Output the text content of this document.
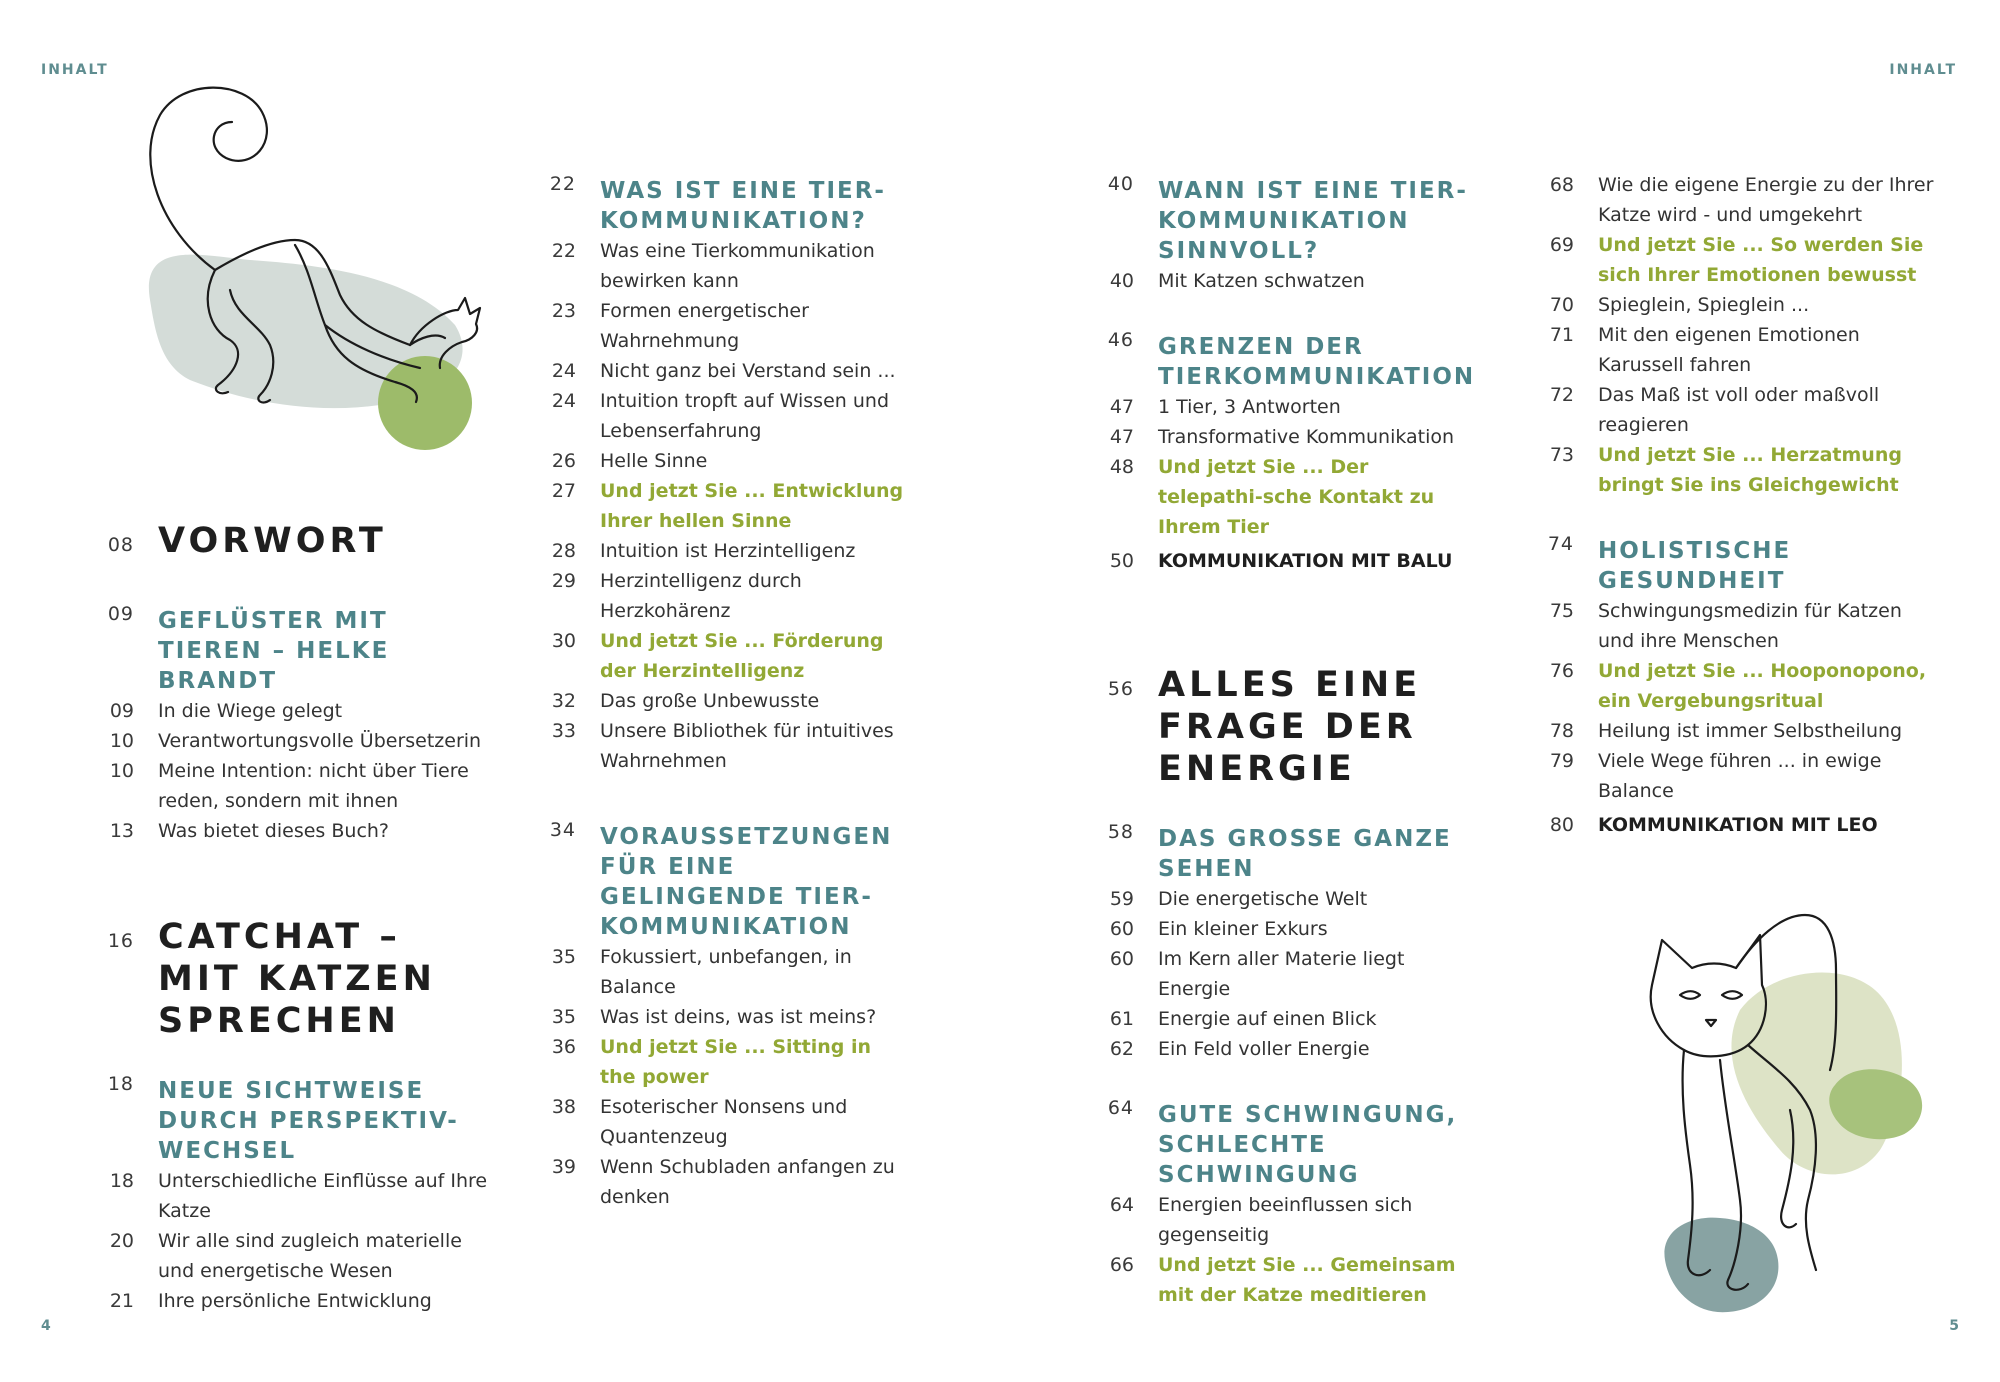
INHALT	INHALT
4	5
08 VORWORT
09 GEFLÜSTER MIT TIEREN – HELKE BRANDT
09 In die Wiege gelegt
10 Verantwortungsvolle Übersetzerin
10 Meine Intention: nicht über Tiere reden, sondern mit ihnen
13 Was bietet dieses Buch?
16 CATCHAT – MIT KATZEN SPRECHEN
18 NEUE SICHTWEISE DURCH PERSPEKTIV-WECHSEL
18 Unterschiedliche Einflüsse auf Ihre Katze
20 Wir alle sind zugleich materielle und energetische Wesen
21 Ihre persönliche Entwicklung
22 WAS IST EINE TIER-KOMMUNIKATION?
22 Was eine Tierkommunikation bewirken kann
23 Formen energetischer Wahrnehmung
24 Nicht ganz bei Verstand sein ...
24 Intuition tropft auf Wissen und Lebenserfahrung
26 Helle Sinne
27 Und jetzt Sie ... Entwicklung Ihrer hellen Sinne
28 Intuition ist Herzintelligenz
29 Herzintelligenz durch Herzkohärenz
30 Und jetzt Sie ... Förderung der Herzintelligenz
32 Das große Unbewusste
33 Unsere Bibliothek für intuitives Wahrnehmen
34 VORAUSSETZUNGEN FÜR EINE GELINGENDE TIER-KOMMUNIKATION
35 Fokussiert, unbefangen, in Balance
35 Was ist deins, was ist meins?
36 Und jetzt Sie ... Sitting in the power
38 Esoterischer Nonsens und Quantenzeug
39 Wenn Schubladen anfangen zu denken
40 WANN IST EINE TIER-KOMMUNIKATION SINNVOLL?
40 Mit Katzen schwatzen
46 GRENZEN DER TIERKOMMUNIKATION
47 1 Tier, 3 Antworten
47 Transformative Kommunikation
48 Und jetzt Sie ... Der telepathi-sche Kontakt zu Ihrem Tier
50 KOMMUNIKATION MIT BALU
56 ALLES EINE FRAGE DER ENERGIE
58 DAS GROSSE GANZE SEHEN
59 Die energetische Welt
60 Ein kleiner Exkurs
60 Im Kern aller Materie liegt Energie
61 Energie auf einen Blick
62 Ein Feld voller Energie
64 GUTE SCHWINGUNG, SCHLECHTE SCHWINGUNG
64 Energien beeinflussen sich gegenseitig
66 Und jetzt Sie ... Gemeinsam mit der Katze meditieren
68 Wie die eigene Energie zu der Ihrer Katze wird - und umgekehrt
69 Und jetzt Sie ... So werden Sie sich Ihrer Emotionen bewusst
70 Spieglein, Spieglein ...
71 Mit den eigenen Emotionen Karussell fahren
72 Das Maß ist voll oder maßvoll reagieren
73 Und jetzt Sie ... Herzatmung bringt Sie ins Gleichgewicht
74 HOLISTISCHE GESUNDHEIT
75 Schwingungsmedizin für Katzen und ihre Menschen
76 Und jetzt Sie ... Hooponopono, ein Vergebungsritual
78 Heilung ist immer Selbstheilung
79 Viele Wege führen ... in ewige Balance
80 KOMMUNIKATION MIT LEO
